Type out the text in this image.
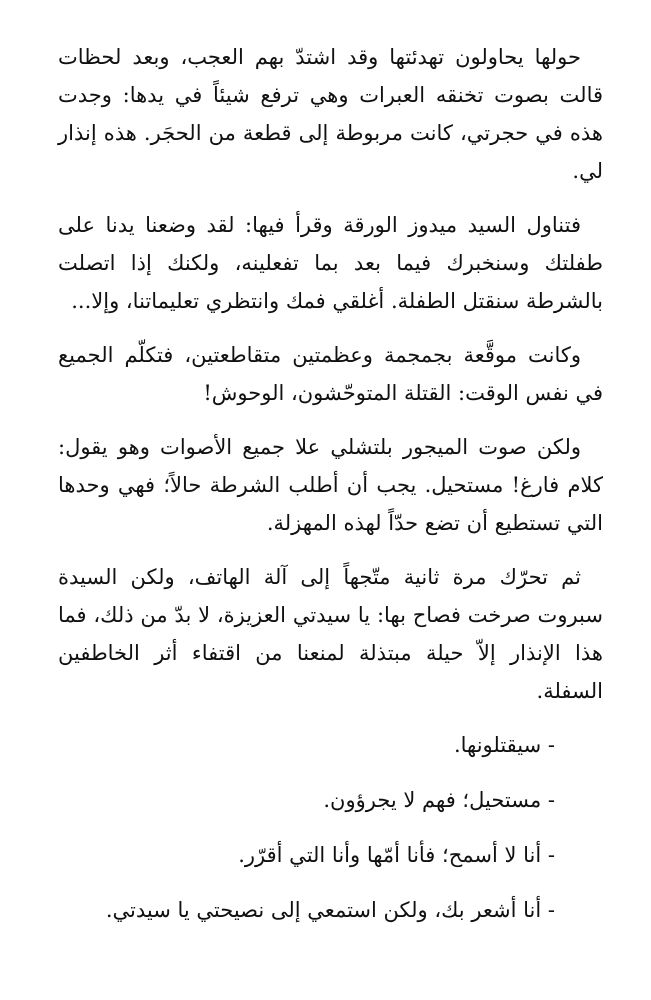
حولها يحاولون تهدئتها وقد اشتدّ بهم العجب، وبعد لحظات قالت بصوت تخنقه العبرات وهي ترفع شيئاً في يدها: وجدت هذه في حجرتي، كانت مربوطة إلى قطعة من الحجَر. هذه إنذار لي.

فتناول السيد ميدوز الورقة وقرأ فيها: لقد وضعنا يدنا على طفلتك وسنخبرك فيما بعد بما تفعلينه، ولكنك إذا اتصلت بالشرطة سنقتل الطفلة. أغلقي فمك وانتظري تعليماتنا، وإلا...

وكانت موقَّعة بجمجمة وعظمتين متقاطعتين، فتكلّم الجميع في نفس الوقت: القتلة المتوحّشون، الوحوش!

ولكن صوت الميجور بلتشلي علا جميع الأصوات وهو يقول: كلام فارغ! مستحيل. يجب أن أطلب الشرطة حالاً؛ فهي وحدها التي تستطيع أن تضع حدّاً لهذه المهزلة.

ثم تحرّك مرة ثانية متّجهاً إلى آلة الهاتف، ولكن السيدة سبروت صرخت فصاح بها: يا سيدتي العزيزة، لا بدّ من ذلك، فما هذا الإنذار إلاّ حيلة مبتذلة لمنعنا من اقتفاء أثر الخاطفين السفلة.

- سيقتلونها.

- مستحيل؛ فهم لا يجرؤون.

- أنا لا أسمح؛ فأنا أمّها وأنا التي أقرّر.

- أنا أشعر بك، ولكن استمعي إلى نصيحتي يا سيدتي.
